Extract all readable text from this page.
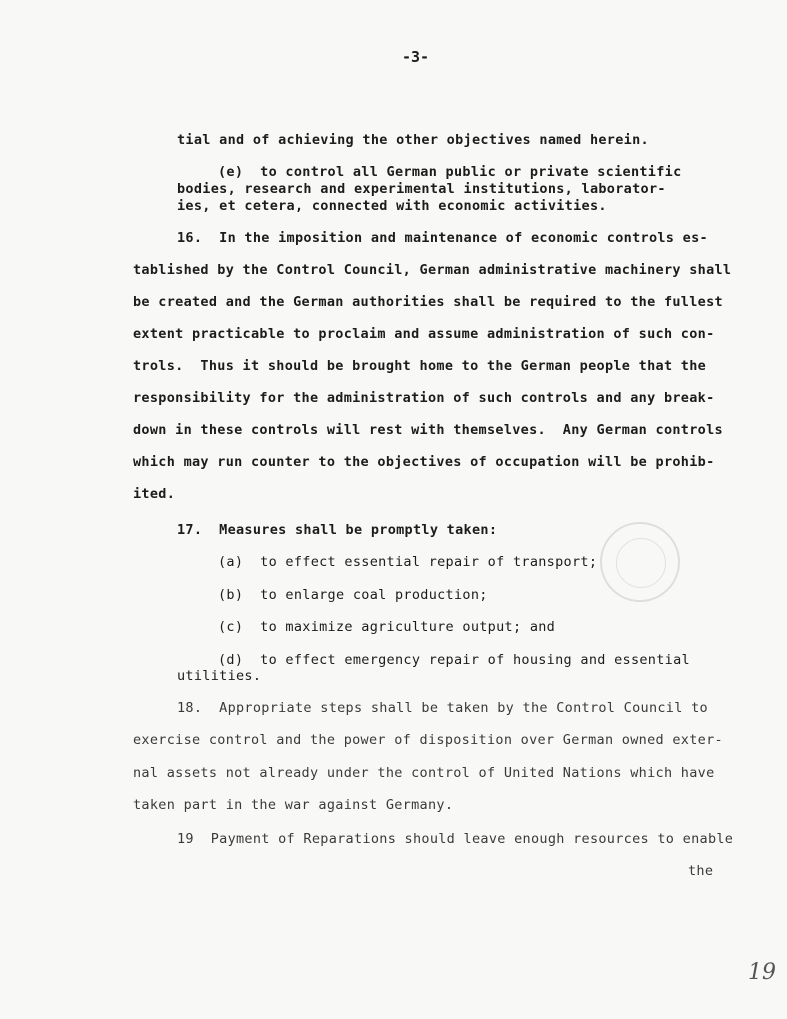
-3-
tial and of achieving the other objectives named herein.
(e)  to control all German public or private scientific
bodies, research and experimental institutions, laborator-
ies, et cetera, connected with economic activities.
16.  In the imposition and maintenance of economic controls es-
tablished by the Control Council, German administrative machinery shall
be created and the German authorities shall be required to the fullest
extent practicable to proclaim and assume administration of such con-
trols.  Thus it should be brought home to the German people that the
responsibility for the administration of such controls and any break-
down in these controls will rest with themselves.  Any German controls
which may run counter to the objectives of occupation will be prohib-
ited.
17.  Measures shall be promptly taken:
(a)  to effect essential repair of transport;
(b)  to enlarge coal production;
(c)  to maximize agriculture output; and
(d)  to effect emergency repair of housing and essential
utilities.
18.  Appropriate steps shall be taken by the Control Council to
exercise control and the power of disposition over German owned exter-
nal assets not already under the control of United Nations which have
taken part in the war against Germany.
19  Payment of Reparations should leave enough resources to enable
the
19
